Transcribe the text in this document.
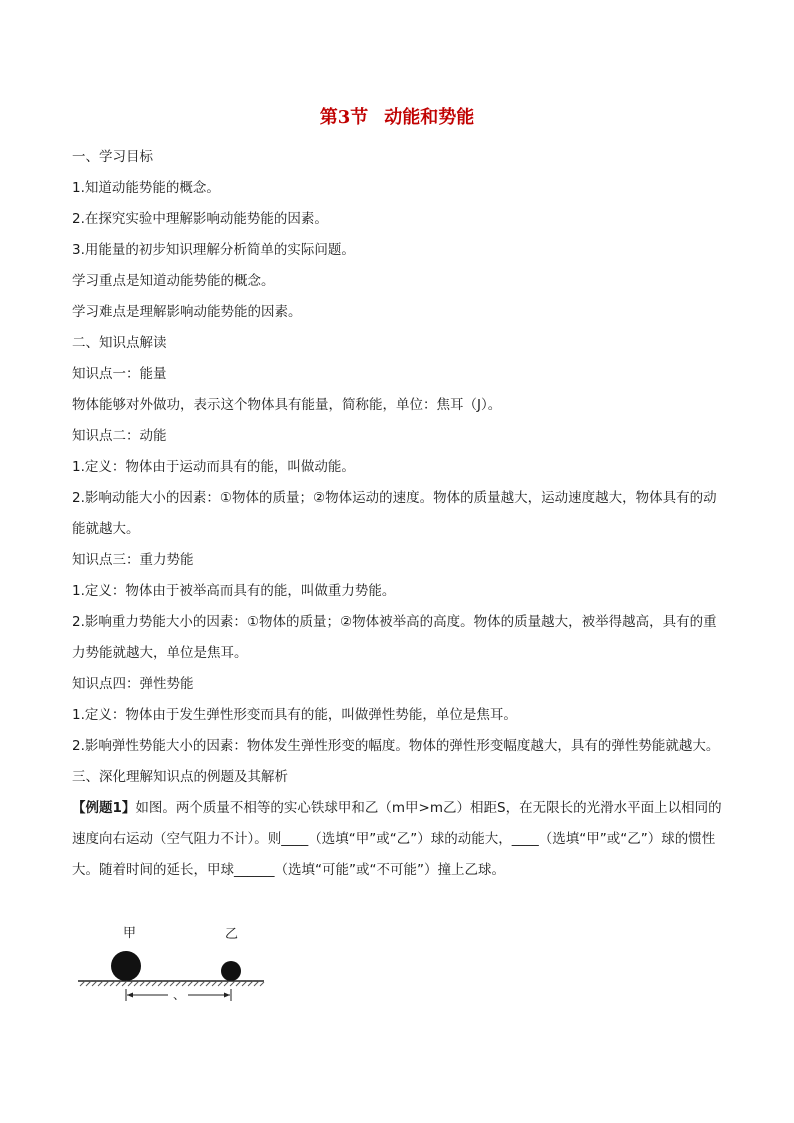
第3节 动能和势能

一、学习目标

1.知道动能势能的概念。

2.在探究实验中理解影响动能势能的因素。

3.用能量的初步知识理解分析简单的实际问题。

学习重点是知道动能势能的概念。

学习难点是理解影响动能势能的因素。

二、知识点解读

知识点一：能量

物体能够对外做功，表示这个物体具有能量，简称能，单位：焦耳（J）。

知识点二：动能

1.定义：物体由于运动而具有的能，叫做动能。

2.影响动能大小的因素：①物体的质量；②物体运动的速度。物体的质量越大，运动速度越大，物体具有的动能就越大。

知识点三：重力势能

1.定义：物体由于被举高而具有的能，叫做重力势能。

2.影响重力势能大小的因素：①物体的质量；②物体被举高的高度。物体的质量越大，被举得越高，具有的重力势能就越大，单位是焦耳。

知识点四：弹性势能

1.定义：物体由于发生弹性形变而具有的能，叫做弹性势能，单位是焦耳。

2.影响弹性势能大小的因素：物体发生弹性形变的幅度。物体的弹性形变幅度越大，具有的弹性势能就越大。

三、深化理解知识点的例题及其解析

【例题1】如图。两个质量不相等的实心铁球甲和乙（m甲>m乙）相距S，在无限长的光滑水平面上以相同的速度向右运动（空气阻力不计）。则____（选填“甲”或“乙”）球的动能大，____（选填“甲”或“乙”）球的惯性大。随着时间的延长，甲球______（选填“可能”或“不可能”）撞上乙球。

甲	乙
、
